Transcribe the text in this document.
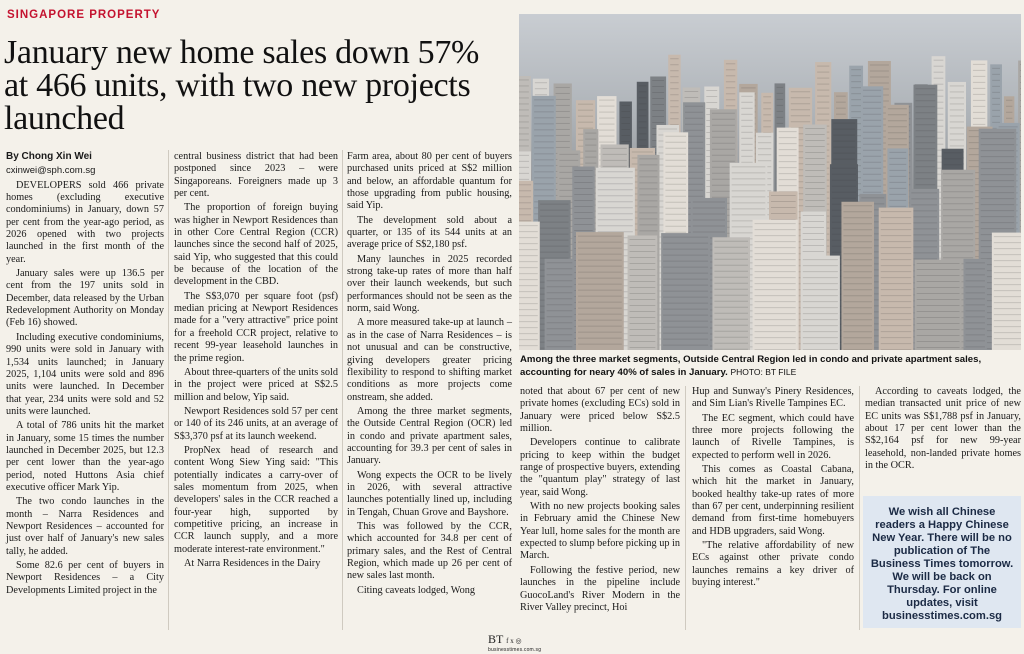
SINGAPORE PROPERTY
January new home sales down 57% at 466 units, with two new projects launched
Among the three market segments, Outside Central Region led in condo and private apartment sales, accounting for neary 40% of sales in January. PHOTO: BT FILE

By Chong Xin Wei

cxinwei@sph.com.sg

DEVELOPERS sold 466 private homes (excluding executive condominiums) in January, down 57 per cent from the year-ago period, as 2026 opened with two projects launched in the first month of the year.

January sales were up 136.5 per cent from the 197 units sold in December, data released by the Urban Redevelopment Authority on Monday (Feb 16) showed.

Including executive condominiums, 990 units were sold in January with 1,534 units launched; in January 2025, 1,104 units were sold and 896 units were launched. In December that year, 234 units were sold and 52 units were launched.

A total of 786 units hit the market in January, some 15 times the number launched in December 2025, but 12.3 per cent lower than the year-ago period, noted Huttons Asia chief executive officer Mark Yip.

The two condo launches in the month – Narra Residences and Newport Residences – accounted for just over half of January's new sales tally, he added.

Some 82.6 per cent of buyers in Newport Residences – a City Developments Limited project in the

central business district that had been postponed since 2023 – were Singaporeans. Foreigners made up 3 per cent.

The proportion of foreign buying was higher in Newport Residences than in other Core Central Region (CCR) launches since the second half of 2025, said Yip, who suggested that this could be because of the location of the development in the CBD.

The S$3,070 per square foot (psf) median pricing at Newport Residences made for a "very attractive" price point for a freehold CCR project, relative to recent 99-year leasehold launches in the prime region.

About three-quarters of the units sold in the project were priced at S$2.5 million and below, Yip said.

Newport Residences sold 57 per cent or 140 of its 246 units, at an average of S$3,370 psf at its launch weekend.

PropNex head of research and content Wong Siew Ying said: "This potentially indicates a carry-over of sales momentum from 2025, when developers' sales in the CCR reached a four-year high, supported by competitive pricing, an increase in CCR launch supply, and a more moderate interest-rate environment."

At Narra Residences in the Dairy

Farm area, about 80 per cent of buyers purchased units priced at S$2 million and below, an affordable quantum for those upgrading from public housing, said Yip.

The development sold about a quarter, or 135 of its 544 units at an average price of S$2,180 psf.

Many launches in 2025 recorded strong take-up rates of more than half over their launch weekends, but such performances should not be seen as the norm, said Wong.

A more measured take-up at launch – as in the case of Narra Residences – is not unusual and can be constructive, giving developers greater pricing flexibility to respond to shifting market conditions as more projects come onstream, she added.

Among the three market segments, the Outside Central Region (OCR) led in condo and private apartment sales, accounting for 39.3 per cent of sales in January.

Wong expects the OCR to be lively in 2026, with several attractive launches potentially lined up, including in Tengah, Chuan Grove and Bayshore.

This was followed by the CCR, which accounted for 34.8 per cent of primary sales, and the Rest of Central Region, which made up 26 per cent of new sales last month.

Citing caveats lodged, Wong

noted that about 67 per cent of new private homes (excluding ECs) sold in January were priced below S$2.5 million.

Developers continue to calibrate pricing to keep within the budget range of prospective buyers, extending the "quantum play" strategy of last year, said Wong.

With no new projects booking sales in February amid the Chinese New Year lull, home sales for the month are expected to slump before picking up in March.

Following the festive period, new launches in the pipeline include GuocoLand's River Modern in the River Valley precinct, Hoi

Hup and Sunway's Pinery Residences, and Sim Lian's Rivelle Tampines EC.

The EC segment, which could have three more projects following the launch of Rivelle Tampines, is expected to perform well in 2026.

This comes as Coastal Cabana, which hit the market in January, booked healthy take-up rates of more than 67 per cent, underpinning resilient demand from first-time homebuyers and HDB upgraders, said Wong.

"The relative affordability of new ECs against other private condo launches remains a key driver of buying interest."

According to caveats lodged, the median transacted unit price of new EC units was S$1,788 psf in January, about 17 per cent lower than the S$2,164 psf for new 99-year leasehold, non-landed private homes in the OCR.

We wish all Chinese readers a Happy Chinese New Year. There will be no publication of The Business Times tomorrow. We will be back on Thursday. For online updates, visit businesstimes.com.sg
BT f x ◎
businesstimes.com.sg
